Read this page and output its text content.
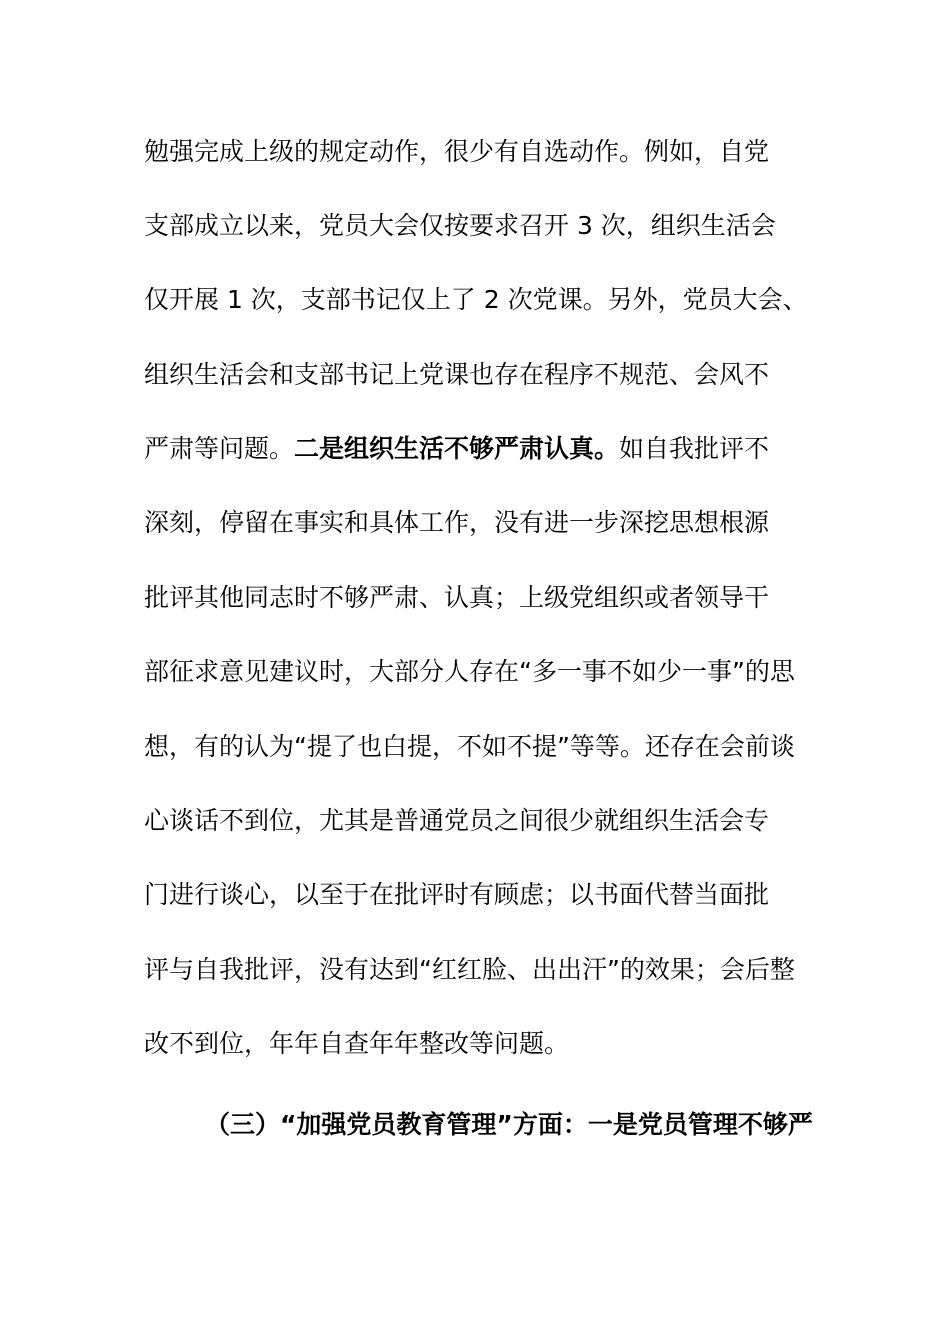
勉强完成上级的规定动作，很少有自选动作。例如，自党
支部成立以来，党员大会仅按要求召开 3 次，组织生活会
仅开展 1 次，支部书记仅上了 2 次党课。另外，党员大会、
组织生活会和支部书记上党课也存在程序不规范、会风不
严肃等问题。二是组织生活不够严肃认真。如自我批评不
深刻，停留在事实和具体工作，没有进一步深挖思想根源
批评其他同志时不够严肃、认真；上级党组织或者领导干
部征求意见建议时，大部分人存在“多一事不如少一事”的思
想，有的认为“提了也白提，不如不提”等等。还存在会前谈
心谈话不到位，尤其是普通党员之间很少就组织生活会专
门进行谈心，以至于在批评时有顾虑；以书面代替当面批
评与自我批评，没有达到“红红脸、出出汗”的效果；会后整
改不到位，年年自查年年整改等问题。
（三）“加强党员教育管理”方面：一是党员管理不够严
